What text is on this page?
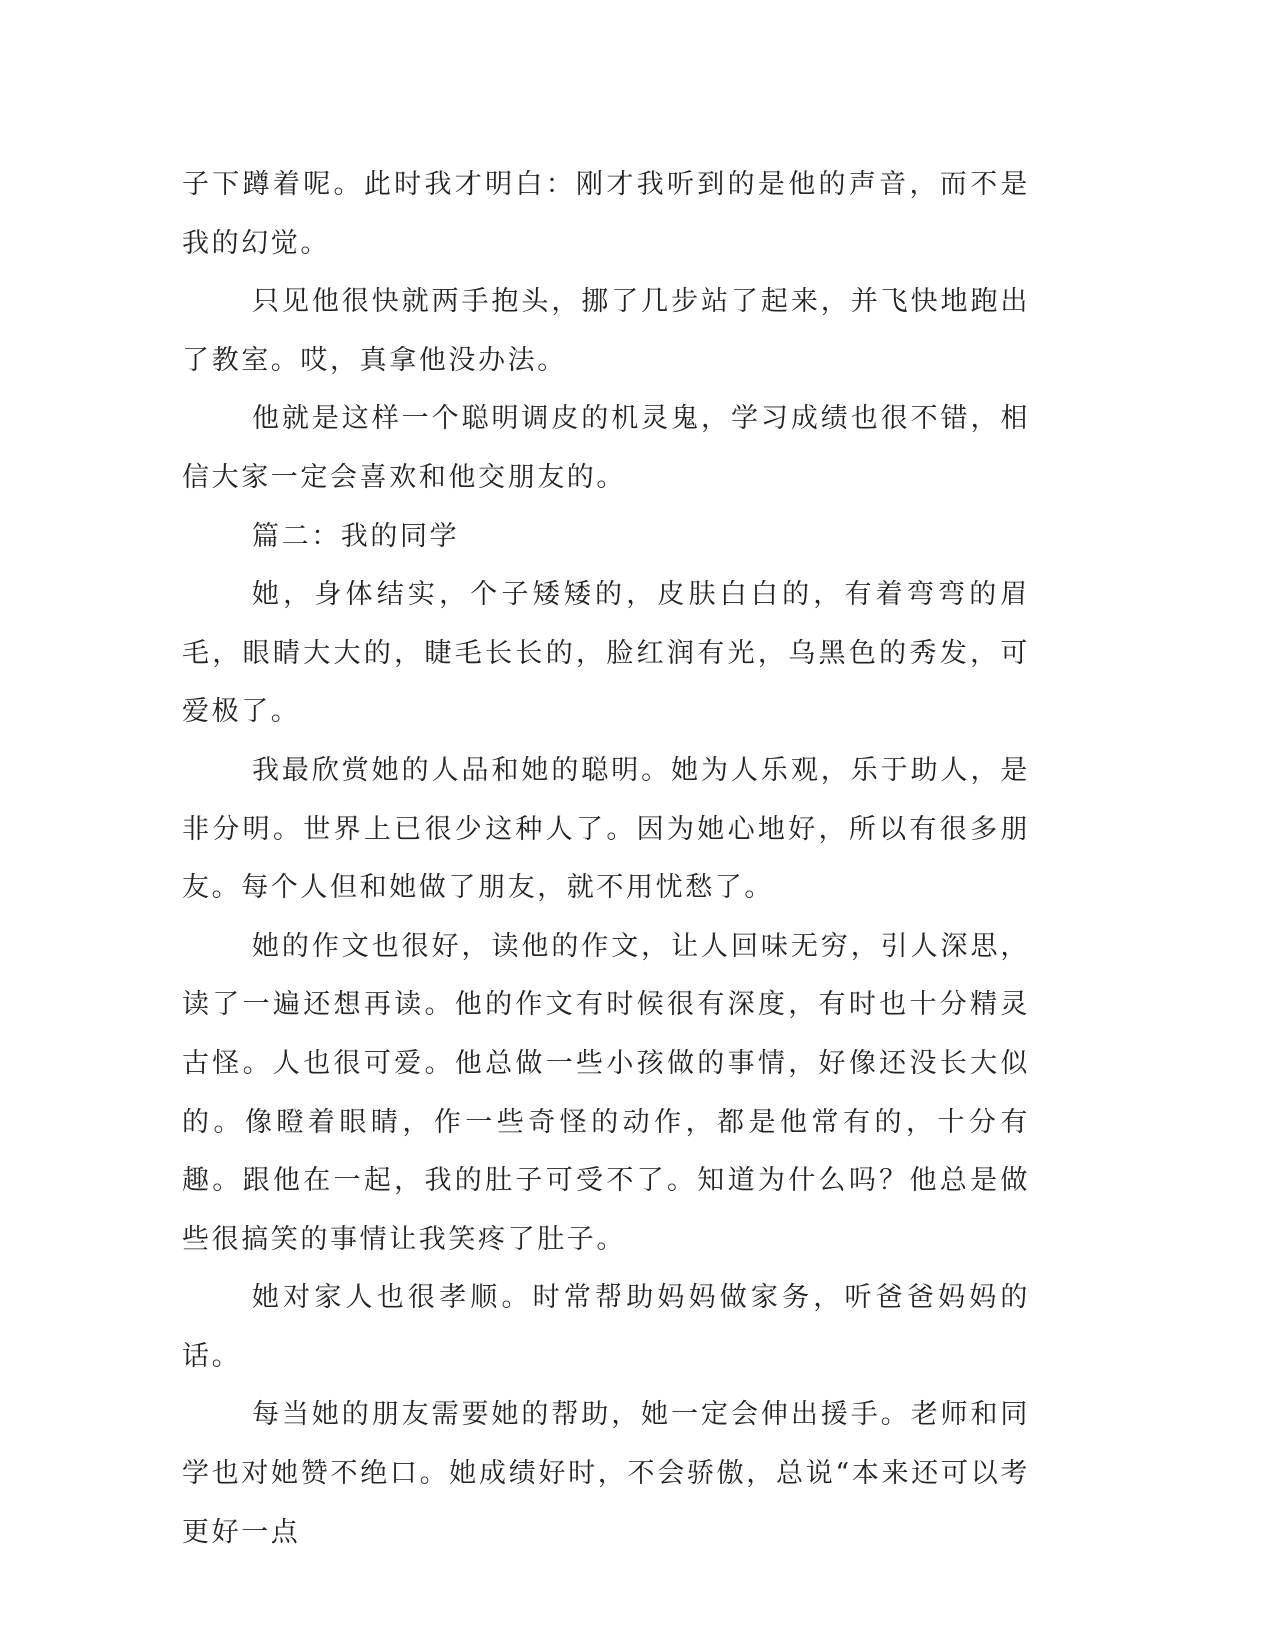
子下蹲着呢。此时我才明白：刚才我听到的是他的声音，而不是我的幻觉。

只见他很快就两手抱头，挪了几步站了起来，并飞快地跑出了教室。哎，真拿他没办法。

他就是这样一个聪明调皮的机灵鬼，学习成绩也很不错，相信大家一定会喜欢和他交朋友的。

篇二：我的同学

她，身体结实，个子矮矮的，皮肤白白的，有着弯弯的眉毛，眼睛大大的，睫毛长长的，脸红润有光，乌黑色的秀发，可爱极了。

我最欣赏她的人品和她的聪明。她为人乐观，乐于助人，是非分明。世界上已很少这种人了。因为她心地好，所以有很多朋友。每个人但和她做了朋友，就不用忧愁了。

她的作文也很好，读他的作文，让人回味无穷，引人深思，读了一遍还想再读。他的作文有时候很有深度，有时也十分精灵古怪。人也很可爱。他总做一些小孩做的事情，好像还没长大似的。像瞪着眼睛，作一些奇怪的动作，都是他常有的，十分有趣。跟他在一起，我的肚子可受不了。知道为什么吗？他总是做些很搞笑的事情让我笑疼了肚子。

她对家人也很孝顺。时常帮助妈妈做家务，听爸爸妈妈的话。

每当她的朋友需要她的帮助，她一定会伸出援手。老师和同学也对她赞不绝口。她成绩好时，不会骄傲，总说“本来还可以考更好一点
